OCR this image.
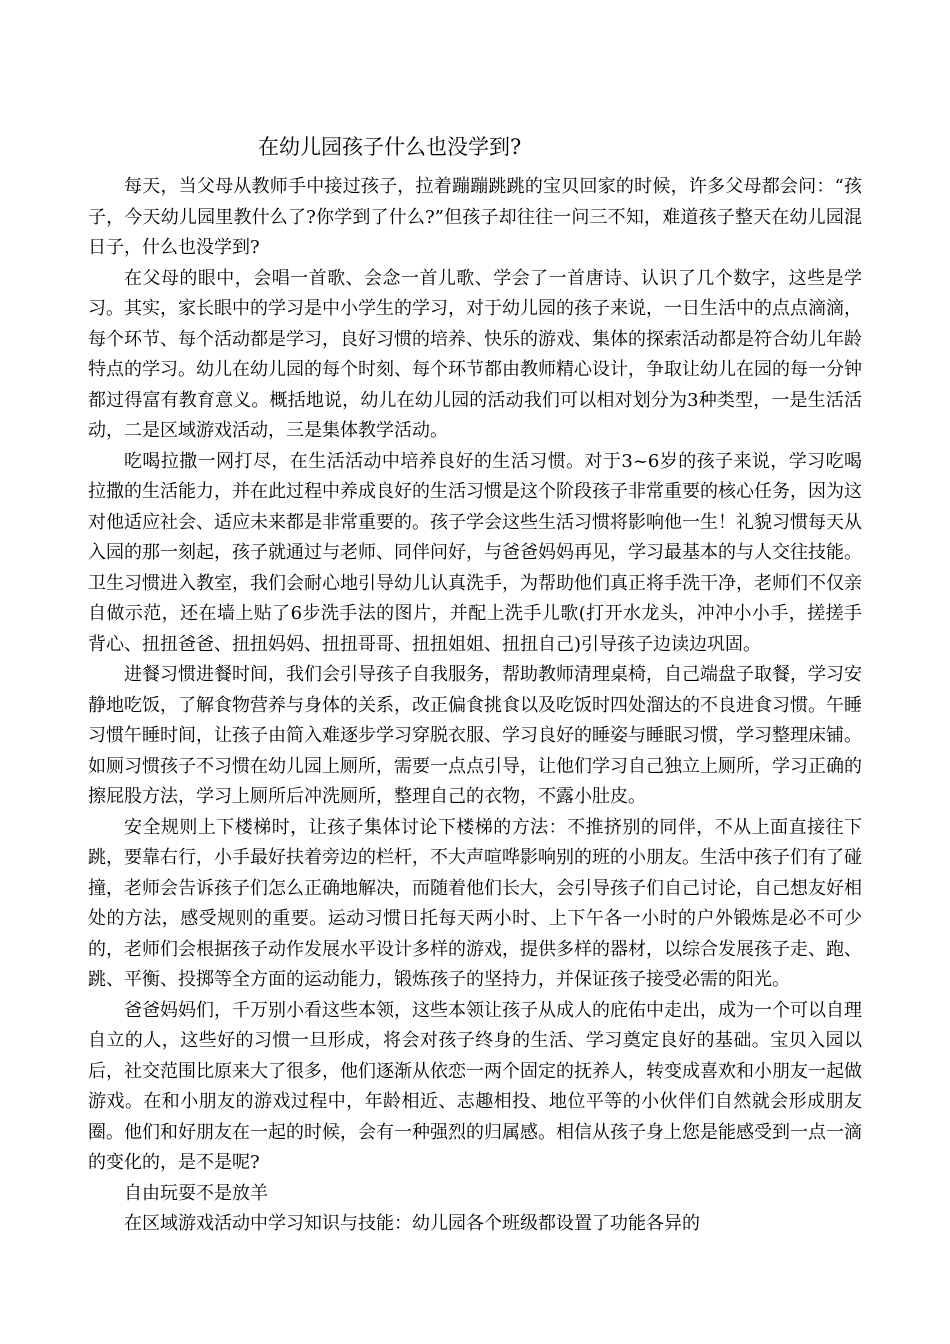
在幼儿园孩子什么也没学到?

每天，当父母从教师手中接过孩子，拉着蹦蹦跳跳的宝贝回家的时候，许多父母都会问：“孩子，今天幼儿园里教什么了?你学到了什么?”但孩子却往往一问三不知，难道孩子整天在幼儿园混日子，什么也没学到?

在父母的眼中，会唱一首歌、会念一首儿歌、学会了一首唐诗、认识了几个数字，这些是学习。其实，家长眼中的学习是中小学生的学习，对于幼儿园的孩子来说，一日生活中的点点滴滴，每个环节、每个活动都是学习，良好习惯的培养、快乐的游戏、集体的探索活动都是符合幼儿年龄特点的学习。幼儿在幼儿园的每个时刻、每个环节都由教师精心设计，争取让幼儿在园的每一分钟都过得富有教育意义。概括地说，幼儿在幼儿园的活动我们可以相对划分为3种类型，一是生活活动，二是区域游戏活动，三是集体教学活动。

吃喝拉撒一网打尽，在生活活动中培养良好的生活习惯。对于3~6岁的孩子来说，学习吃喝拉撒的生活能力，并在此过程中养成良好的生活习惯是这个阶段孩子非常重要的核心任务，因为这对他适应社会、适应未来都是非常重要的。孩子学会这些生活习惯将影响他一生！礼貌习惯每天从入园的那一刻起，孩子就通过与老师、同伴问好，与爸爸妈妈再见，学习最基本的与人交往技能。卫生习惯进入教室，我们会耐心地引导幼儿认真洗手，为帮助他们真正将手洗干净，老师们不仅亲自做示范，还在墙上贴了6步洗手法的图片，并配上洗手儿歌(打开水龙头，冲冲小小手，搓搓手背心、扭扭爸爸、扭扭妈妈、扭扭哥哥、扭扭姐姐、扭扭自己)引导孩子边读边巩固。

进餐习惯进餐时间，我们会引导孩子自我服务，帮助教师清理桌椅，自己端盘子取餐，学习安静地吃饭，了解食物营养与身体的关系，改正偏食挑食以及吃饭时四处溜达的不良进食习惯。午睡习惯午睡时间，让孩子由简入难逐步学习穿脱衣服、学习良好的睡姿与睡眠习惯，学习整理床铺。如厕习惯孩子不习惯在幼儿园上厕所，需要一点点引导，让他们学习自己独立上厕所，学习正确的擦屁股方法，学习上厕所后冲洗厕所，整理自己的衣物，不露小肚皮。

安全规则上下楼梯时，让孩子集体讨论下楼梯的方法：不推挤别的同伴，不从上面直接往下跳，要靠右行，小手最好扶着旁边的栏杆，不大声喧哗影响别的班的小朋友。生活中孩子们有了碰撞，老师会告诉孩子们怎么正确地解决，而随着他们长大，会引导孩子们自己讨论，自己想友好相处的方法，感受规则的重要。运动习惯日托每天两小时、上下午各一小时的户外锻炼是必不可少的，老师们会根据孩子动作发展水平设计多样的游戏，提供多样的器材，以综合发展孩子走、跑、跳、平衡、投掷等全方面的运动能力，锻炼孩子的坚持力，并保证孩子接受必需的阳光。

爸爸妈妈们，千万别小看这些本领，这些本领让孩子从成人的庇佑中走出，成为一个可以自理自立的人，这些好的习惯一旦形成，将会对孩子终身的生活、学习奠定良好的基础。宝贝入园以后，社交范围比原来大了很多，他们逐渐从依恋一两个固定的抚养人，转变成喜欢和小朋友一起做游戏。在和小朋友的游戏过程中，年龄相近、志趣相投、地位平等的小伙伴们自然就会形成朋友圈。他们和好朋友在一起的时候，会有一种强烈的归属感。相信从孩子身上您是能感受到一点一滴的变化的，是不是呢?

自由玩耍不是放羊

在区域游戏活动中学习知识与技能：幼儿园各个班级都设置了功能各异的
